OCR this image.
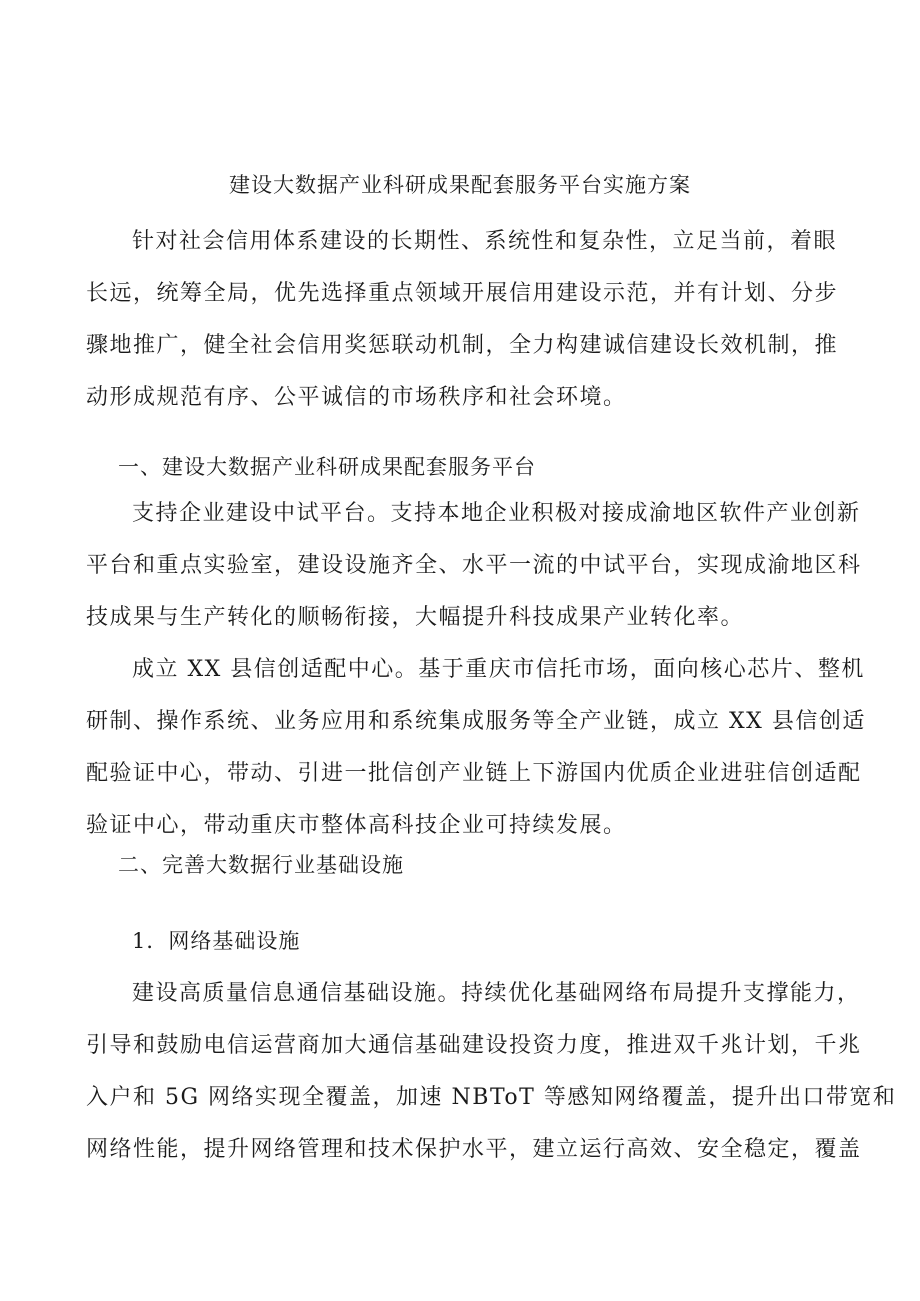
建设大数据产业科研成果配套服务平台实施方案

针对社会信用体系建设的长期性、系统性和复杂性，立足当前，着眼
长远，统筹全局，优先选择重点领域开展信用建设示范，并有计划、分步
骤地推广，健全社会信用奖惩联动机制，全力构建诚信建设长效机制，推
动形成规范有序、公平诚信的市场秩序和社会环境。

一、建设大数据产业科研成果配套服务平台

支持企业建设中试平台。支持本地企业积极对接成渝地区软件产业创新
平台和重点实验室，建设设施齐全、水平一流的中试平台，实现成渝地区科
技成果与生产转化的顺畅衔接，大幅提升科技成果产业转化率。

成立 XX 县信创适配中心。基于重庆市信托市场，面向核心芯片、整机
研制、操作系统、业务应用和系统集成服务等全产业链，成立 XX 县信创适
配验证中心，带动、引进一批信创产业链上下游国内优质企业进驻信创适配
验证中心，带动重庆市整体高科技企业可持续发展。

二、完善大数据行业基础设施
1．网络基础设施

建设高质量信息通信基础设施。持续优化基础网络布局提升支撑能力，
引导和鼓励电信运营商加大通信基础建设投资力度，推进双千兆计划，千兆
入户和 5G 网络实现全覆盖，加速 NBToT 等感知网络覆盖，提升出口带宽和
网络性能，提升网络管理和技术保护水平，建立运行高效、安全稳定，覆盖
